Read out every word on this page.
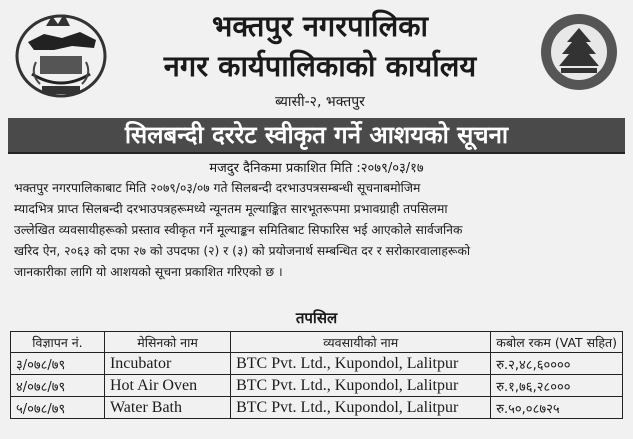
भक्तपुर नगरपालिका
नगर कार्यपालिकाको कार्यालय
ब्यासी-२, भक्तपुर
सिलबन्दी दररेट स्वीकृत गर्ने आशयको सूचना
मजदुर दैनिकमा प्रकाशित मिति :२०७९/०३/१७
भक्तपुर नगरपालिकाबाट मिति २०७९/०३/०७ गते सिलबन्दी दरभाउपत्रसम्बन्धी सूचनाबमोजिम
म्यादभित्र प्राप्त सिलबन्दी दरभाउपत्रहरूमध्ये न्यूनतम मूल्याङ्कित सारभूतरूपमा प्रभावग्राही तपसिलमा
उल्लेखित व्यवसायीहरूको प्रस्ताव स्वीकृत गर्ने मूल्याङ्कन समितिबाट सिफारिस भई आएकोले सार्वजनिक
खरिद ऐन, २०६३ को दफा २७ को उपदफा (२) र (३) को प्रयोजनार्थ सम्बन्धित दर र सरोकारवालाहरूको
जानकारीका लागि यो आशयको सूचना प्रकाशित गरिएको छ ।
तपसिल
विज्ञापन नं.	मेसिनको नाम	व्यवसायीको नाम	कबोल रकम (VAT सहित)
३/०७८/७९	Incubator	BTC Pvt. Ltd., Kupondol, Lalitpur	रु.२,४८,६००००
४/०७८/७९	Hot Air Oven	BTC Pvt. Ltd., Kupondol, Lalitpur	रु.१,७६,२८०००
५/०७८/७९	Water Bath	BTC Pvt. Ltd., Kupondol, Lalitpur	रु.५०,०८७२५
